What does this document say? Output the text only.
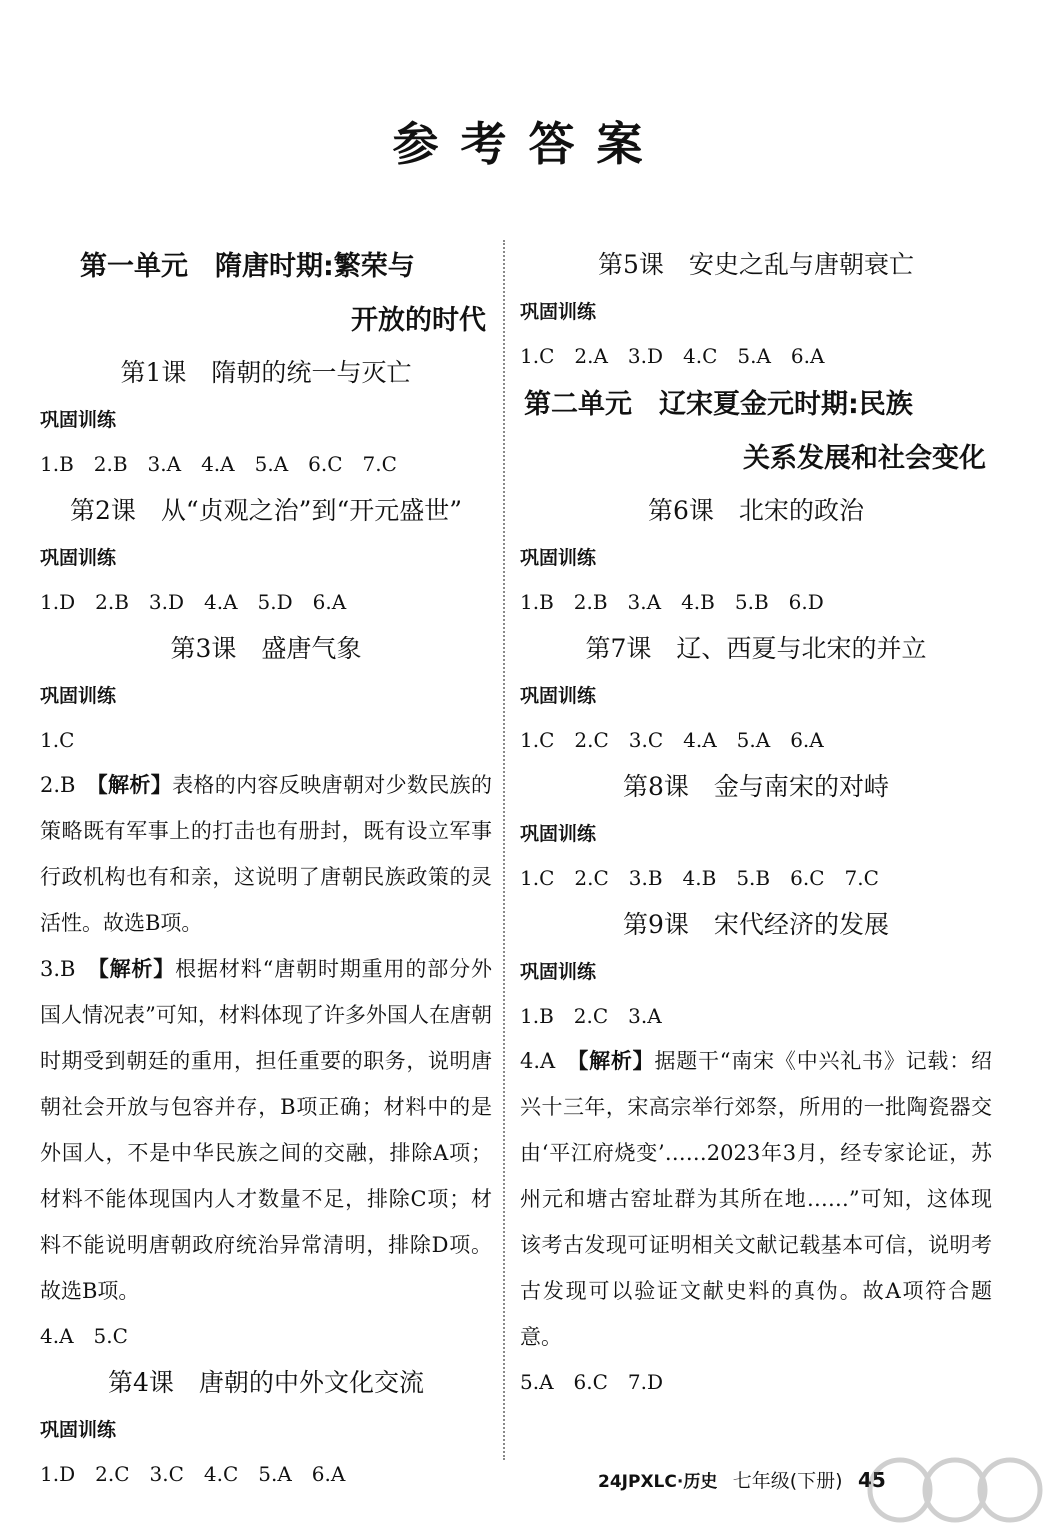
参考答案
第一单元　隋唐时期:繁荣与
开放的时代

第1课　隋朝的统一与灭亡

巩固训练

1.B　2.B　3.A　4.A　5.A　6.C　7.C

第2课　从“贞观之治”到“开元盛世”

巩固训练

1.D　2.B　3.D　4.A　5.D　6.A

第3课　盛唐气象

巩固训练

1.C

2.B　 【解析】表格的内容反映唐朝对少数民族的策略既有军事上的打击也有册封，既有设立军事行政机构也有和亲，这说明了唐朝民族政策的灵活性。故选B项。

3.B　 【解析】根据材料“唐朝时期重用的部分外国人情况表”可知，材料体现了许多外国人在唐朝时期受到朝廷的重用，担任重要的职务，说明唐朝社会开放与包容并存，B项正确；材料中的是外国人，不是中华民族之间的交融，排除A项；材料不能体现国内人才数量不足，排除C项；材料不能说明唐朝政府统治异常清明，排除D项。故选B项。

4.A　5.C

第4课　唐朝的中外文化交流

巩固训练

1.D　2.C　3.C　4.C　5.A　6.A

第5课　安史之乱与唐朝衰亡

巩固训练

1.C　2.A　3.D　4.C　5.A　6.A

第二单元　辽宋夏金元时期:民族
关系发展和社会变化

第6课　北宋的政治

巩固训练

1.B　2.B　3.A　4.B　5.B　6.D

第7课　辽、西夏与北宋的并立

巩固训练

1.C　2.C　3.C　4.A　5.A　6.A

第8课　金与南宋的对峙

巩固训练

1.C　2.C　3.B　4.B　5.B　6.C　7.C

第9课　宋代经济的发展

巩固训练

1.B　2.C　3.A

4.A　 【解析】据题干“南宋《中兴礼书》记载：绍兴十三年，宋高宗举行郊祭，所用的一批陶瓷器交由‘平江府烧变’……2023年3月，经专家论证，苏州元和塘古窑址群为其所在地……”可知，这体现该考古发现可证明相关文献记载基本可信，说明考古发现可以验证文献史料的真伪。故A项符合题意。

5.A　6.C　7.D

24JPXLC·历史 七年级(下册) 45
